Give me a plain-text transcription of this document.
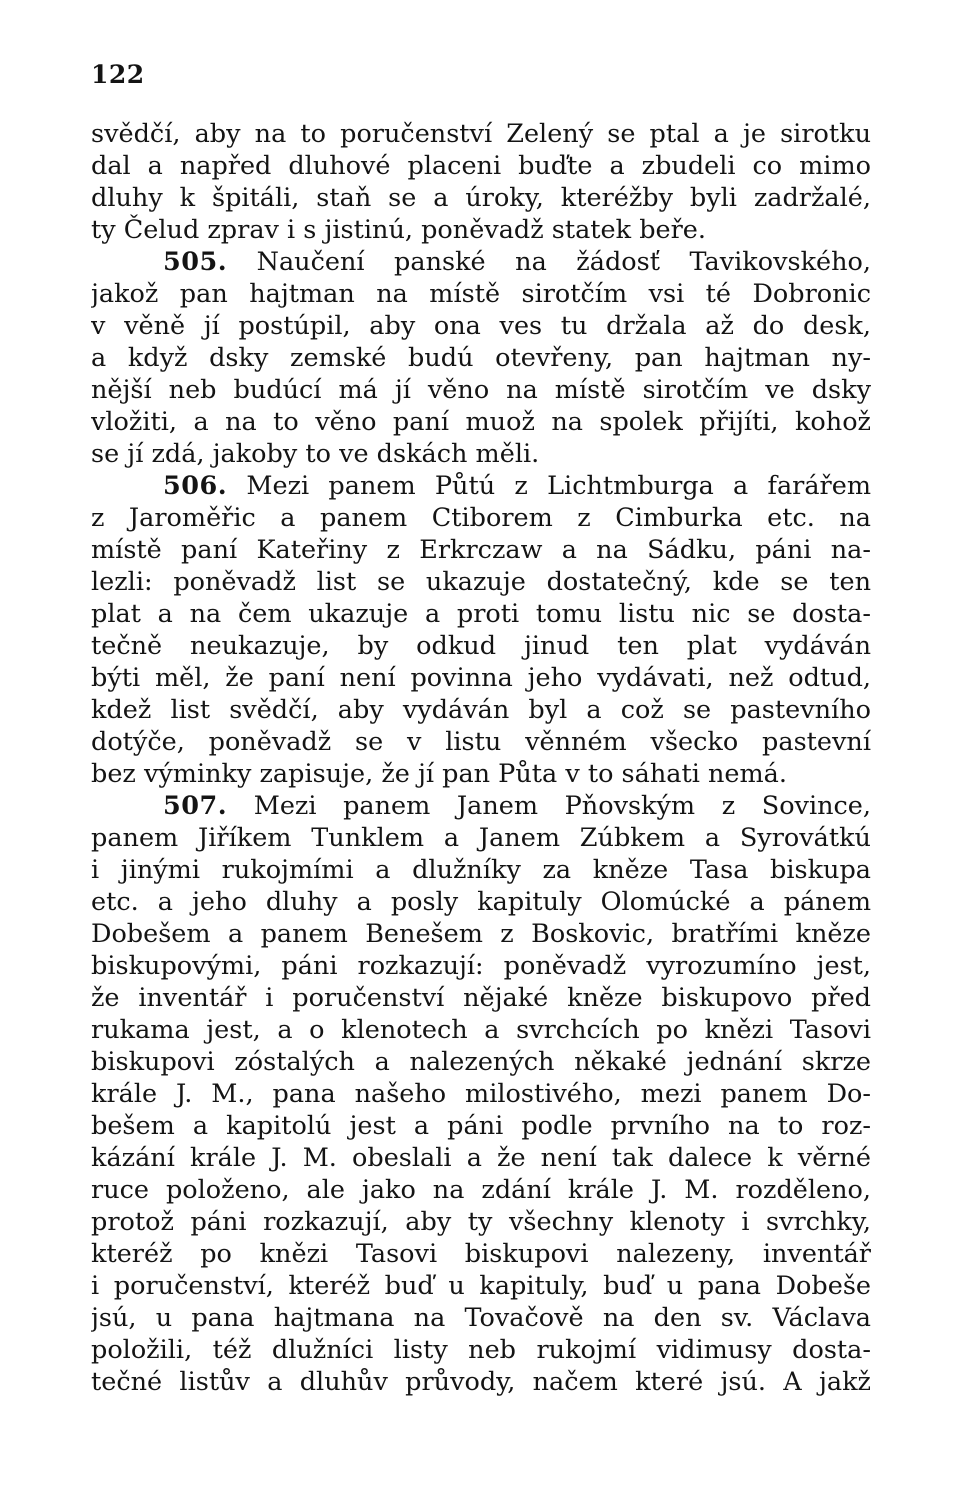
122
svědčí, aby na to poručenství Zelený se ptal a je sirotku
dal a napřed dluhové placeni buďte a zbudeli co mimo
dluhy k špitáli, staň se a úroky, kteréžby byli zadržalé,
ty Čelud zprav i s jistinú, poněvadž statek beře.
505. Naučení panské na žádosť Tavikovského,
jakož pan hajtman na místě sirotčím vsi té Dobronic
v věně jí postúpil, aby ona ves tu držala až do desk,
a když dsky zemské budú otevřeny, pan hajtman ny-
nější neb budúcí má jí věno na místě sirotčím ve dsky
vložiti, a na to věno paní muož na spolek přijíti, kohož
se jí zdá, jakoby to ve dskách měli.
506. Mezi panem Půtú z Lichtmburga a farářem
z Jaroměřic a panem Ctiborem z Cimburka etc. na
místě paní Kateřiny z Erkrczaw a na Sádku, páni na-
lezli: poněvadž list se ukazuje dostatečný, kde se ten
plat a na čem ukazuje a proti tomu listu nic se dosta-
tečně neukazuje, by odkud jinud ten plat vydáván
býti měl, že paní není povinna jeho vydávati, než odtud,
kdež list svědčí, aby vydáván byl a což se pastevního
dotýče, poněvadž se v listu věnném všecko pastevní
bez výminky zapisuje, že jí pan Půta v to sáhati nemá.
507. Mezi panem Janem Pňovským z Sovince,
panem Jiříkem Tunklem a Janem Zúbkem a Syrovátkú
i jinými rukojmími a dlužníky za kněze Tasa biskupa
etc. a jeho dluhy a posly kapituly Olomúcké a pánem
Dobešem a panem Benešem z Boskovic, bratřími kněze
biskupovými, páni rozkazují: poněvadž vyrozumíno jest,
že inventář i poručenství nějaké kněze biskupovo před
rukama jest, a o klenotech a svrchcích po knězi Tasovi
biskupovi zóstalých a nalezených někaké jednání skrze
krále J. M., pana našeho milostivého, mezi panem Do-
bešem a kapitolú jest a páni podle prvního na to roz-
kázání krále J. M. obeslali a že není tak dalece k věrné
ruce položeno, ale jako na zdání krále J. M. rozděleno,
protož páni rozkazují, aby ty všechny klenoty i svrchky,
kteréž po knězi Tasovi biskupovi nalezeny, inventář
i poručenství, kteréž buď u kapituly, buď u pana Dobeše
jsú, u pana hajtmana na Tovačově na den sv. Václava
položili, též dlužníci listy neb rukojmí vidimusy dosta-
tečné listův a dluhův průvody, načem které jsú. A jakž
